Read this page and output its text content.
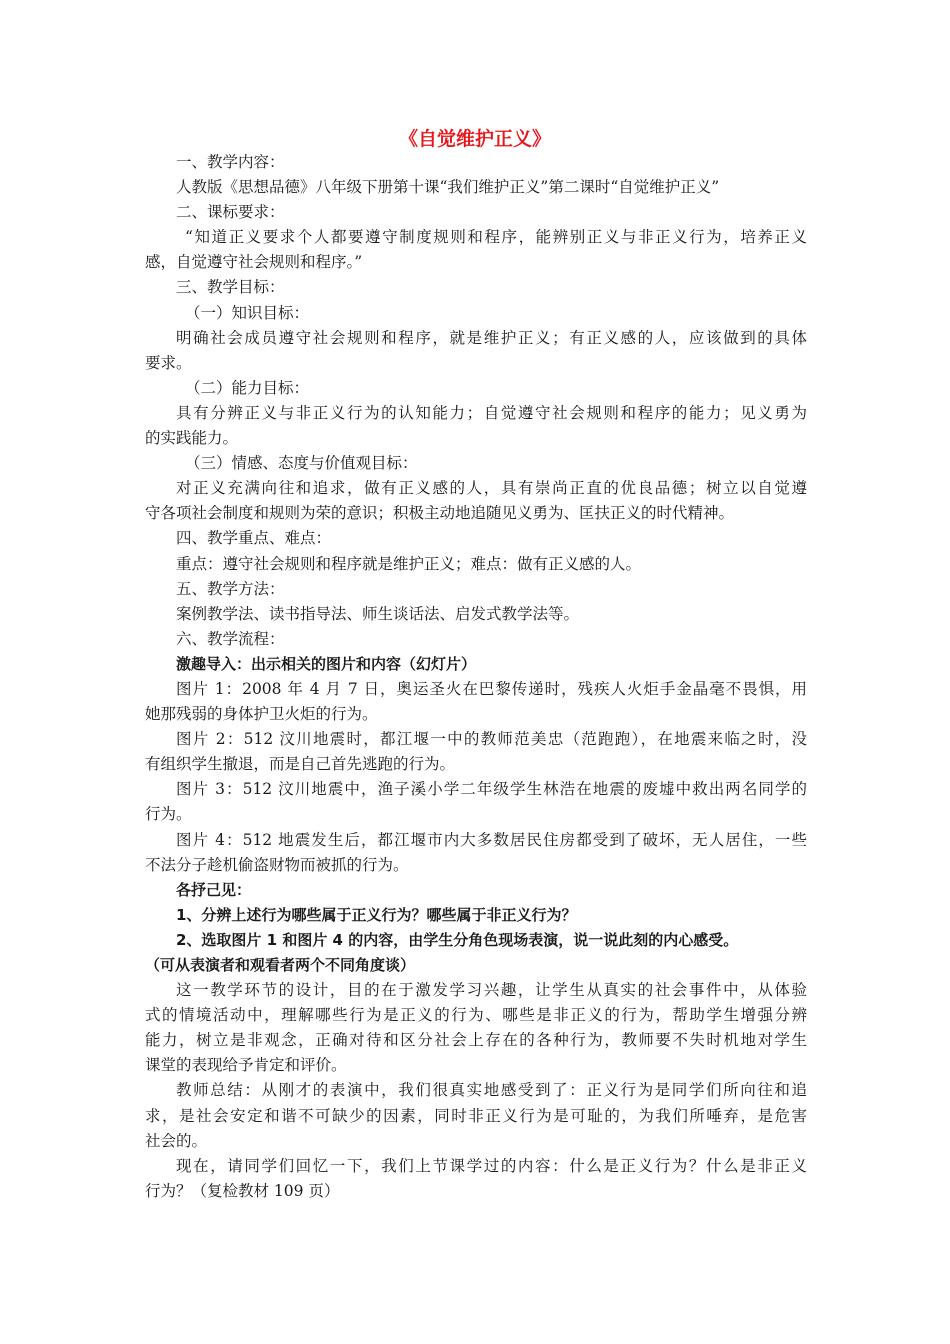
《自觉维护正义》
一、教学内容：
人教版《思想品德》八年级下册第十课“我们维护正义”第二课时“自觉维护正义”
二、课标要求：
“知道正义要求个人都要遵守制度规则和程序，能辨别正义与非正义行为，培养正义
感，自觉遵守社会规则和程序。”
三、教学目标：
（一）知识目标：
明确社会成员遵守社会规则和程序，就是维护正义；有正义感的人，应该做到的具体
要求。
（二）能力目标：
具有分辨正义与非正义行为的认知能力；自觉遵守社会规则和程序的能力；见义勇为
的实践能力。
（三）情感、态度与价值观目标：
对正义充满向往和追求，做有正义感的人，具有崇尚正直的优良品德；树立以自觉遵
守各项社会制度和规则为荣的意识；积极主动地追随见义勇为、匡扶正义的时代精神。
四、教学重点、难点：
重点：遵守社会规则和程序就是维护正义；难点：做有正义感的人。
五、教学方法：
案例教学法、读书指导法、师生谈话法、启发式教学法等。
六、教学流程：
激趣导入：出示相关的图片和内容（幻灯片）
图片 1：2008 年 4 月 7 日，奥运圣火在巴黎传递时，残疾人火炬手金晶毫不畏惧，用
她那残弱的身体护卫火炬的行为。
图片 2：512 汶川地震时，都江堰一中的教师范美忠（范跑跑），在地震来临之时，没
有组织学生撤退，而是自己首先逃跑的行为。
图片 3：512 汶川地震中，渔子溪小学二年级学生林浩在地震的废墟中救出两名同学的
行为。
图片 4：512 地震发生后，都江堰市内大多数居民住房都受到了破坏，无人居住，一些
不法分子趁机偷盗财物而被抓的行为。
各抒己见：
1、分辨上述行为哪些属于正义行为？哪些属于非正义行为？
2、选取图片 1 和图片 4 的内容，由学生分角色现场表演，说一说此刻的内心感受。
（可从表演者和观看者两个不同角度谈）
这一教学环节的设计，目的在于激发学习兴趣，让学生从真实的社会事件中，从体验
式的情境活动中，理解哪些行为是正义的行为、哪些是非正义的行为，帮助学生增强分辨
能力，树立是非观念，正确对待和区分社会上存在的各种行为，教师要不失时机地对学生
课堂的表现给予肯定和评价。
教师总结：从刚才的表演中，我们很真实地感受到了：正义行为是同学们所向往和追
求，是社会安定和谐不可缺少的因素，同时非正义行为是可耻的，为我们所唾弃，是危害
社会的。
现在，请同学们回忆一下，我们上节课学过的内容：什么是正义行为？什么是非正义
行为？（复检教材 109 页）
